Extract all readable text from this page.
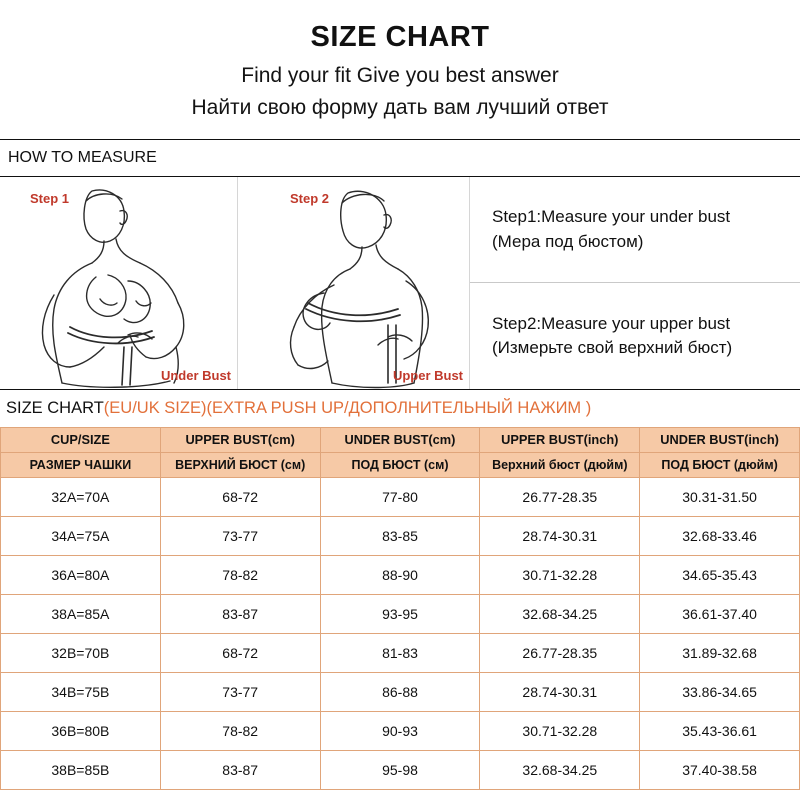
SIZE CHART
Find your fit Give you best answer
Найти свою форму дать вам лучший ответ
HOW TO MEASURE
Step 1
Under Bust
Step 2
Upper Bust
Step1:Measure your under bust
(Мера под бюстом)
Step2:Measure your upper bust
(Измерьте свой верхний бюст)
SIZE CHART(EU/UK SIZE)(EXTRA PUSH UP/ДОПОЛНИТЕЛЬНЫЙ НАЖИМ )
CUP/SIZE	UPPER BUST(cm)	UNDER BUST(cm)	UPPER BUST(inch)	UNDER BUST(inch)
РАЗМЕР ЧАШКИ	ВЕРХНИЙ БЮСТ (см)	ПОД БЮСТ (см)	Верхний бюст (дюйм)	ПОД БЮСТ (дюйм)
32A=70A	68-72	77-80	26.77-28.35	30.31-31.50
34A=75A	73-77	83-85	28.74-30.31	32.68-33.46
36A=80A	78-82	88-90	30.71-32.28	34.65-35.43
38A=85A	83-87	93-95	32.68-34.25	36.61-37.40
32B=70B	68-72	81-83	26.77-28.35	31.89-32.68
34B=75B	73-77	86-88	28.74-30.31	33.86-34.65
36B=80B	78-82	90-93	30.71-32.28	35.43-36.61
38B=85B	83-87	95-98	32.68-34.25	37.40-38.58
